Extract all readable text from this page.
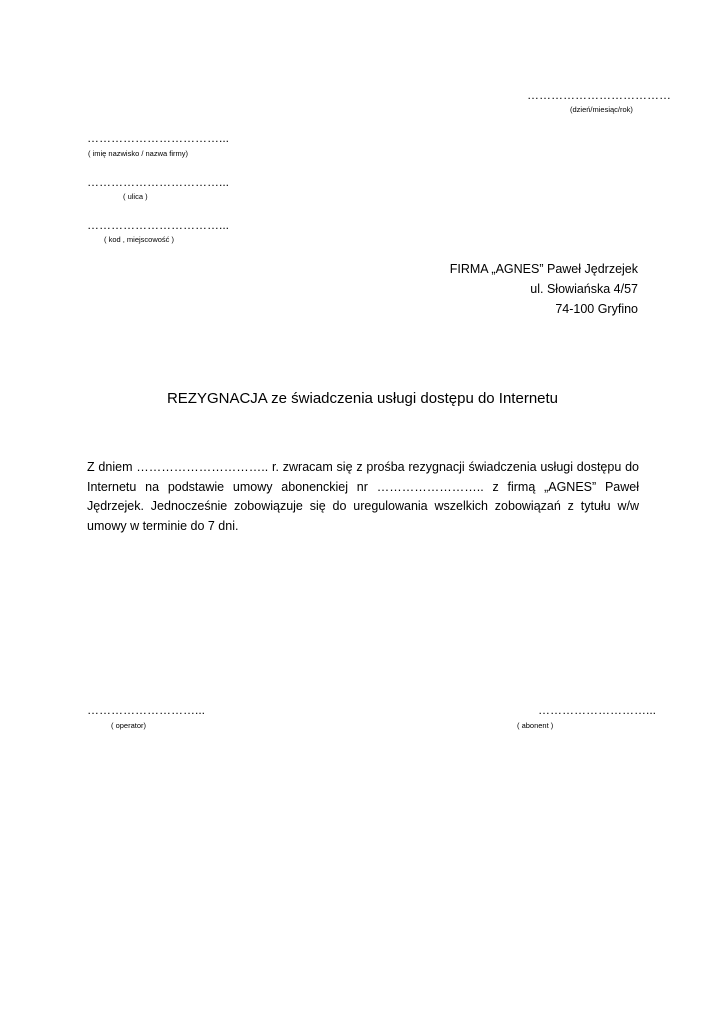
………………………………
(dzień/miesiąc/rok)
……………………………...
( imię nazwisko / nazwa firmy)
……………………………...
( ulica )
……………………………...
( kod , miejscowość )
FIRMA „AGNES” Paweł Jędrzejek
ul. Słowiańska 4/57
74-100 Gryfino
REZYGNACJA ze świadczenia usługi dostępu do Internetu
Z dniem ………………………….. r. zwracam się z prośba rezygnacji świadczenia usługi dostępu do Internetu na podstawie umowy abonenckiej nr …………………….. z firmą „AGNES” Paweł Jędrzejek. Jednocześnie zobowiązuje się do uregulowania wszelkich zobowiązań z tytułu w/w umowy w terminie do 7 dni.
………………………...
( operator)
………………………...
( abonent )
